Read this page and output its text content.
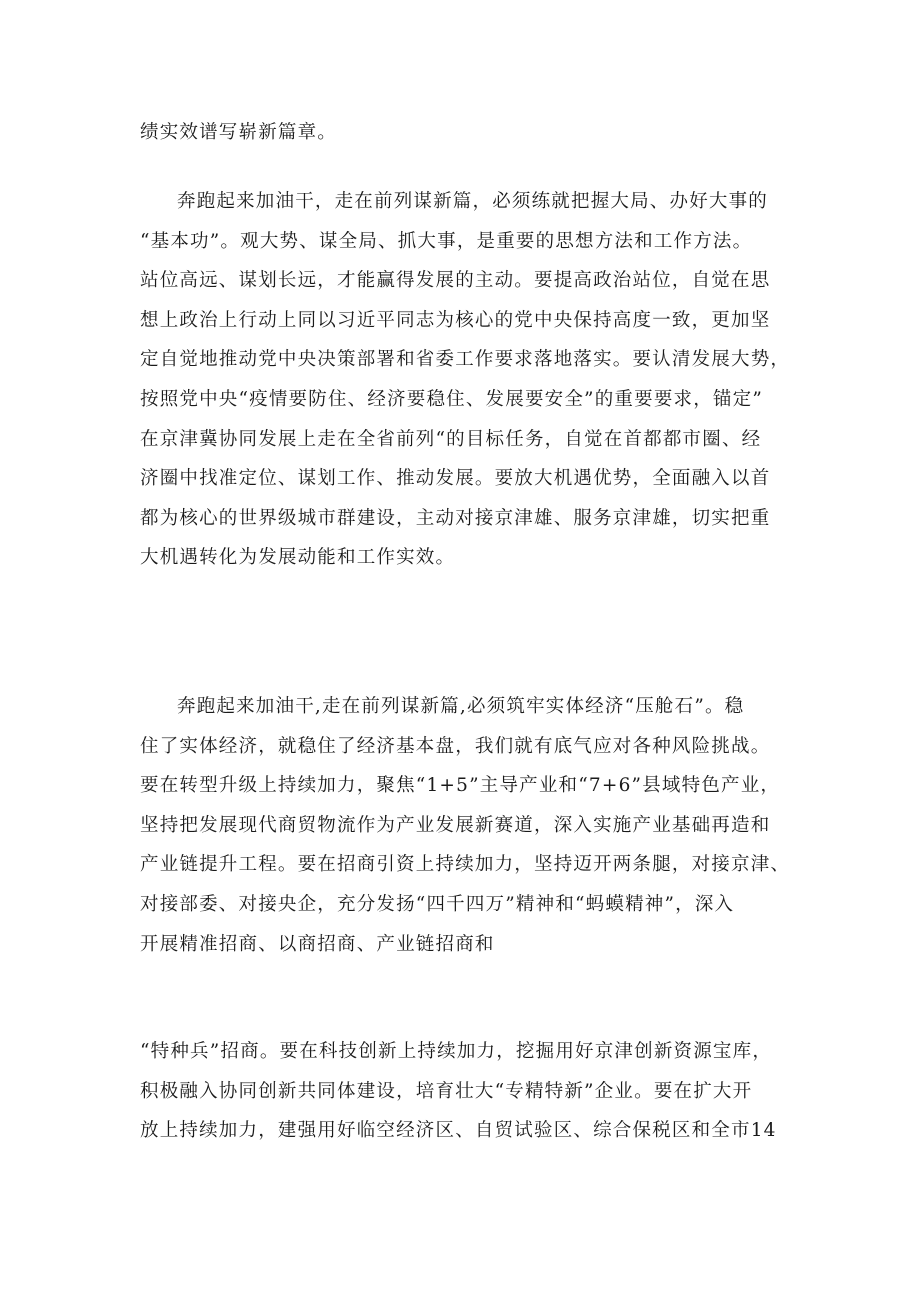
绩实效谱写崭新篇章。
奔跑起来加油干，走在前列谋新篇，必须练就把握大局、办好大事的
“基本功”。观大势、谋全局、抓大事，是重要的思想方法和工作方法。
站位高远、谋划长远，才能赢得发展的主动。要提高政治站位，自觉在思
想上政治上行动上同以习近平同志为核心的党中央保持高度一致，更加坚
定自觉地推动党中央决策部署和省委工作要求落地落实。要认清发展大势，
按照党中央“疫情要防住、经济要稳住、发展要安全”的重要要求，锚定”
在京津冀协同发展上走在全省前列“的目标任务，自觉在首都都市圈、经
济圈中找准定位、谋划工作、推动发展。要放大机遇优势，全面融入以首
都为核心的世界级城市群建设，主动对接京津雄、服务京津雄，切实把重
大机遇转化为发展动能和工作实效。
奔跑起来加油干,走在前列谋新篇,必须筑牢实体经济“压舱石”。稳
住了实体经济，就稳住了经济基本盘，我们就有底气应对各种风险挑战。
要在转型升级上持续加力，聚焦“1+5”主导产业和“7+6”县域特色产业，
坚持把发展现代商贸物流作为产业发展新赛道，深入实施产业基础再造和
产业链提升工程。要在招商引资上持续加力，坚持迈开两条腿，对接京津、
对接部委、对接央企，充分发扬“四千四万”精神和“蚂蟆精神”，深入
开展精准招商、以商招商、产业链招商和
“特种兵”招商。要在科技创新上持续加力，挖掘用好京津创新资源宝库，
积极融入协同创新共同体建设，培育壮大“专精特新”企业。要在扩大开
放上持续加力，建强用好临空经济区、自贸试验区、综合保税区和全市14
